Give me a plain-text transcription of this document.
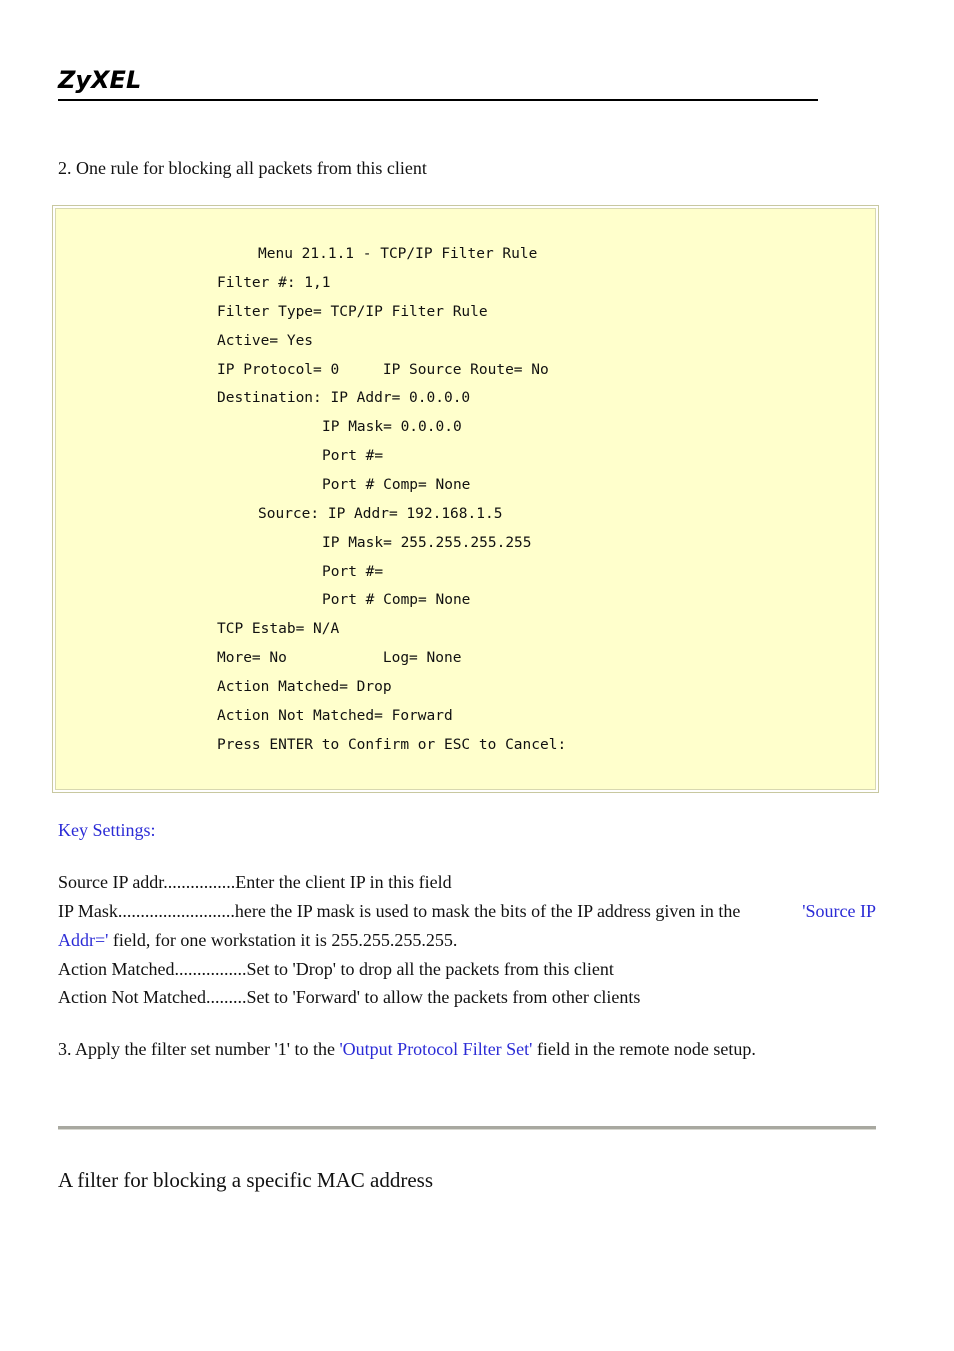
ZyXEL
2. One rule for blocking all packets from this client
Menu 21.1.1 - TCP/IP Filter Rule
Filter #: 1,1
Filter Type= TCP/IP Filter Rule
Active= Yes
IP Protocol= 0     IP Source Route= No
Destination: IP Addr= 0.0.0.0
IP Mask= 0.0.0.0
Port #=
Port # Comp= None
Source: IP Addr= 192.168.1.5
IP Mask= 255.255.255.255
Port #=
Port # Comp= None
TCP Estab= N/A
More= No           Log= None
Action Matched= Drop
Action Not Matched= Forward
Press ENTER to Confirm or ESC to Cancel:
Key Settings:
Source IP addr................Enter the client IP in this field
IP Mask..........................here the IP mask is used to mask the bits of the IP address given in the	'Source IP
Addr=' field, for one workstation it is 255.255.255.255.
Action Matched................Set to 'Drop' to drop all the packets from this client
Action Not Matched.........Set to 'Forward' to allow the packets from other clients
3. Apply the filter set number '1' to the 'Output Protocol Filter Set' field in the remote node setup.
A filter for blocking a specific MAC address
